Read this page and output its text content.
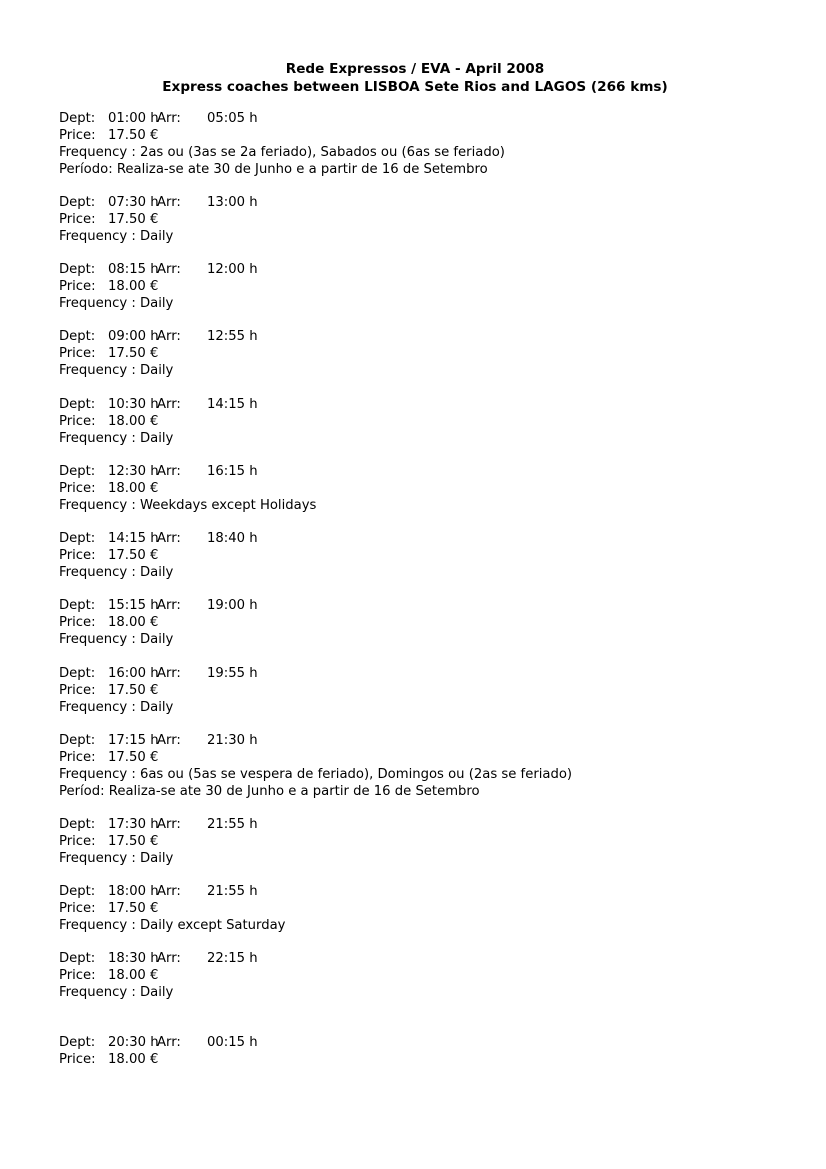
Rede Expressos / EVA - April 2008
Express coaches between LISBOA Sete Rios and LAGOS (266 kms)
Dept: 01:00 h
Arr: 05:05 h
Price: 17.50 €
Frequency : 2as ou (3as se 2a feriado), Sabados ou (6as se feriado)
Período: Realiza-se ate 30 de Junho e a partir de 16 de Setembro
Dept: 07:30 h
Arr: 13:00 h
Price: 17.50 €
Frequency : Daily
Dept: 08:15 h
Arr: 12:00 h
Price: 18.00 €
Frequency : Daily
Dept: 09:00 h
Arr: 12:55 h
Price: 17.50 €
Frequency : Daily
Dept: 10:30 h
Arr: 14:15 h
Price: 18.00 €
Frequency : Daily
Dept: 12:30 h
Arr: 16:15 h
Price: 18.00 €
Frequency : Weekdays except Holidays
Dept: 14:15 h
Arr: 18:40 h
Price: 17.50 €
Frequency : Daily
Dept: 15:15 h
Arr: 19:00 h
Price: 18.00 €
Frequency : Daily
Dept: 16:00 h
Arr: 19:55 h
Price: 17.50 €
Frequency : Daily
Dept: 17:15 h
Arr: 21:30 h
Price: 17.50 €
Frequency : 6as ou (5as se vespera de feriado), Domingos ou (2as se feriado)
Períod: Realiza-se ate 30 de Junho e a partir de 16 de Setembro
Dept: 17:30 h
Arr: 21:55 h
Price: 17.50 €
Frequency : Daily
Dept: 18:00 h
Arr: 21:55 h
Price: 17.50 €
Frequency : Daily except Saturday
Dept: 18:30 h
Arr: 22:15 h
Price: 18.00 €
Frequency : Daily
Dept: 20:30 h
Arr: 00:15 h
Price: 18.00 €
